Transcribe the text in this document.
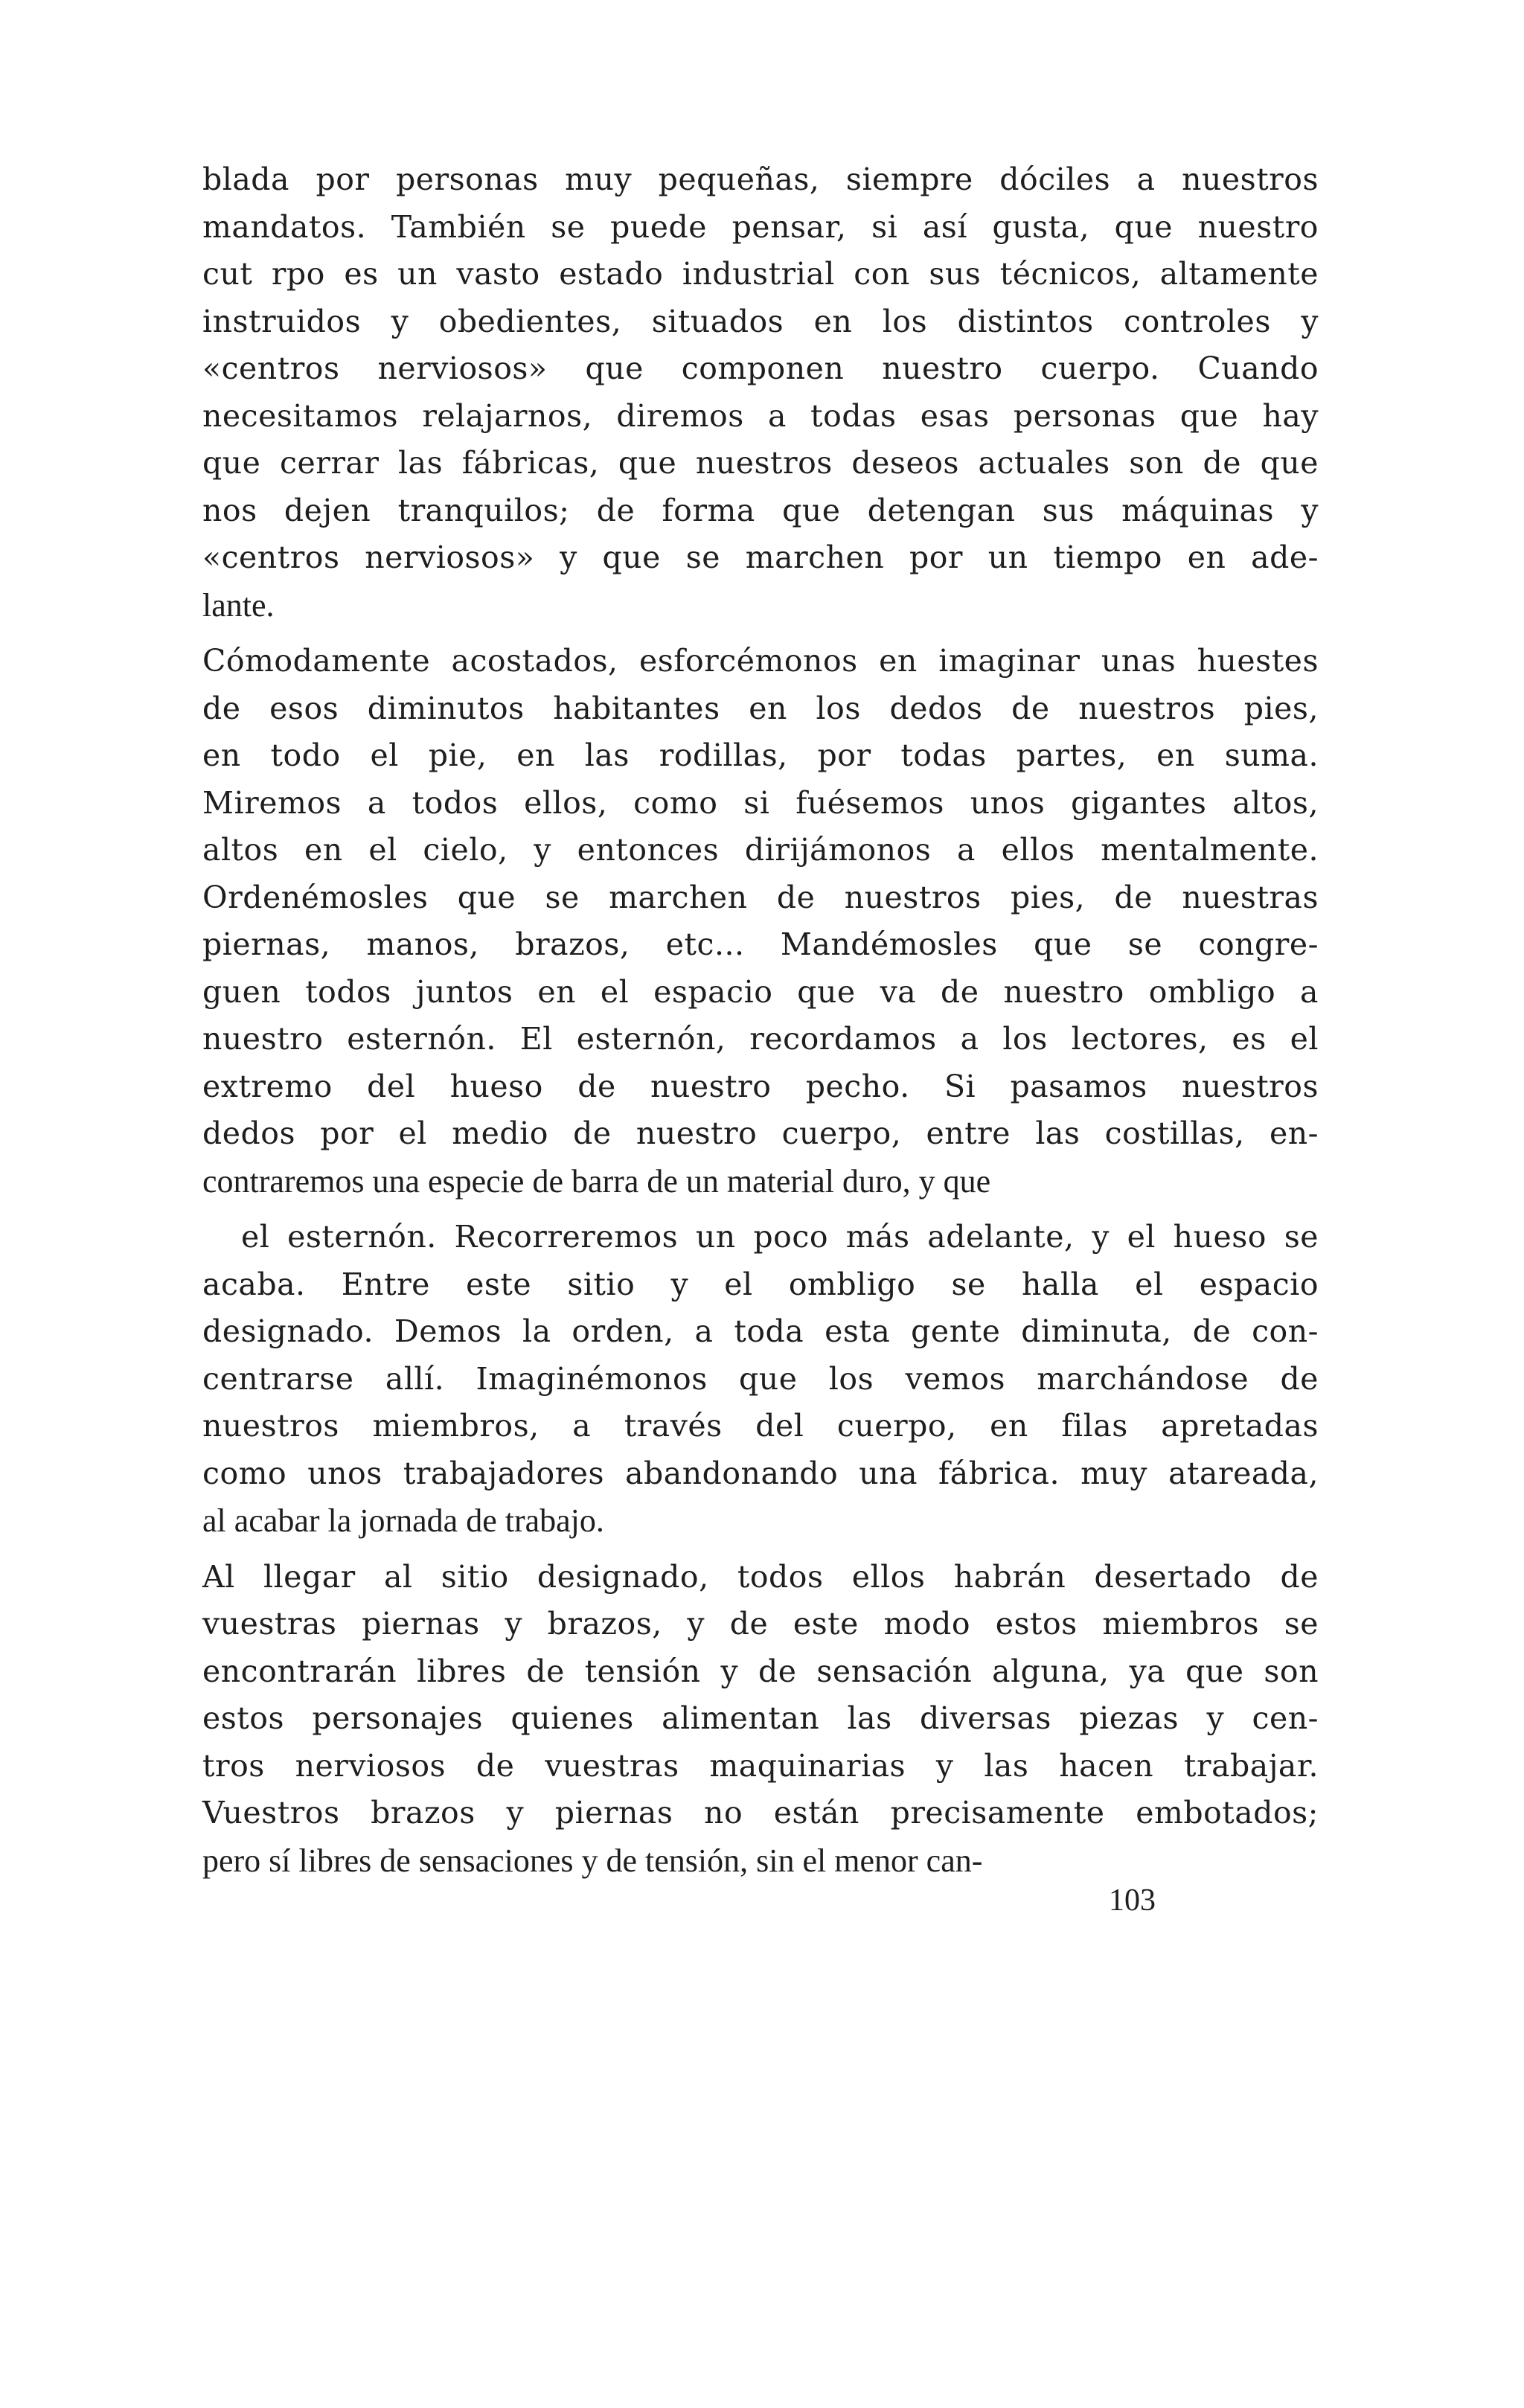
blada por personas muy pequeñas, siempre dóciles a nuestros
mandatos. También se puede pensar, si así gusta, que nuestro
cut rpo es un vasto estado industrial con sus técnicos, altamente
instruidos y obedientes, situados en los distintos controles y
«centros nerviosos» que componen nuestro cuerpo. Cuando
necesitamos relajarnos, diremos a todas esas personas que hay
que cerrar las fábricas, que nuestros deseos actuales son de que
nos dejen tranquilos; de forma que detengan sus máquinas y
«centros nerviosos» y que se marchen por un tiempo en ade-
lante.
Cómodamente acostados, esforcémonos en imaginar unas huestes
de esos diminutos habitantes en los dedos de nuestros pies,
en todo el pie, en las rodillas, por todas partes, en suma.
Miremos a todos ellos, como si fuésemos unos gigantes altos,
altos en el cielo, y entonces dirijámonos a ellos mentalmente.
Ordenémosles que se marchen de nuestros pies, de nuestras
piernas, manos, brazos, etc... Mandémosles que se congre-
guen todos juntos en el espacio que va de nuestro ombligo a
nuestro esternón. El esternón, recordamos a los lectores, es el
extremo del hueso de nuestro pecho. Si pasamos nuestros
dedos por el medio de nuestro cuerpo, entre las costillas, en-
contraremos una especie de barra de un material duro, y que
el esternón. Recorreremos un poco más adelante, y el hueso se
acaba. Entre este sitio y el ombligo se halla el espacio
designado. Demos la orden, a toda esta gente diminuta, de con-
centrarse allí. Imaginémonos que los vemos marchándose de
nuestros miembros, a través del cuerpo, en filas apretadas
como unos trabajadores abandonando una fábrica. muy atareada,
al acabar la jornada de trabajo.
Al llegar al sitio designado, todos ellos habrán desertado de
vuestras piernas y brazos, y de este modo estos miembros se
encontrarán libres de tensión y de sensación alguna, ya que son
estos personajes quienes alimentan las diversas piezas y cen-
tros nerviosos de vuestras maquinarias y las hacen trabajar.
Vuestros brazos y piernas no están precisamente embotados;
pero sí libres de sensaciones y de tensión, sin el menor can-
103
